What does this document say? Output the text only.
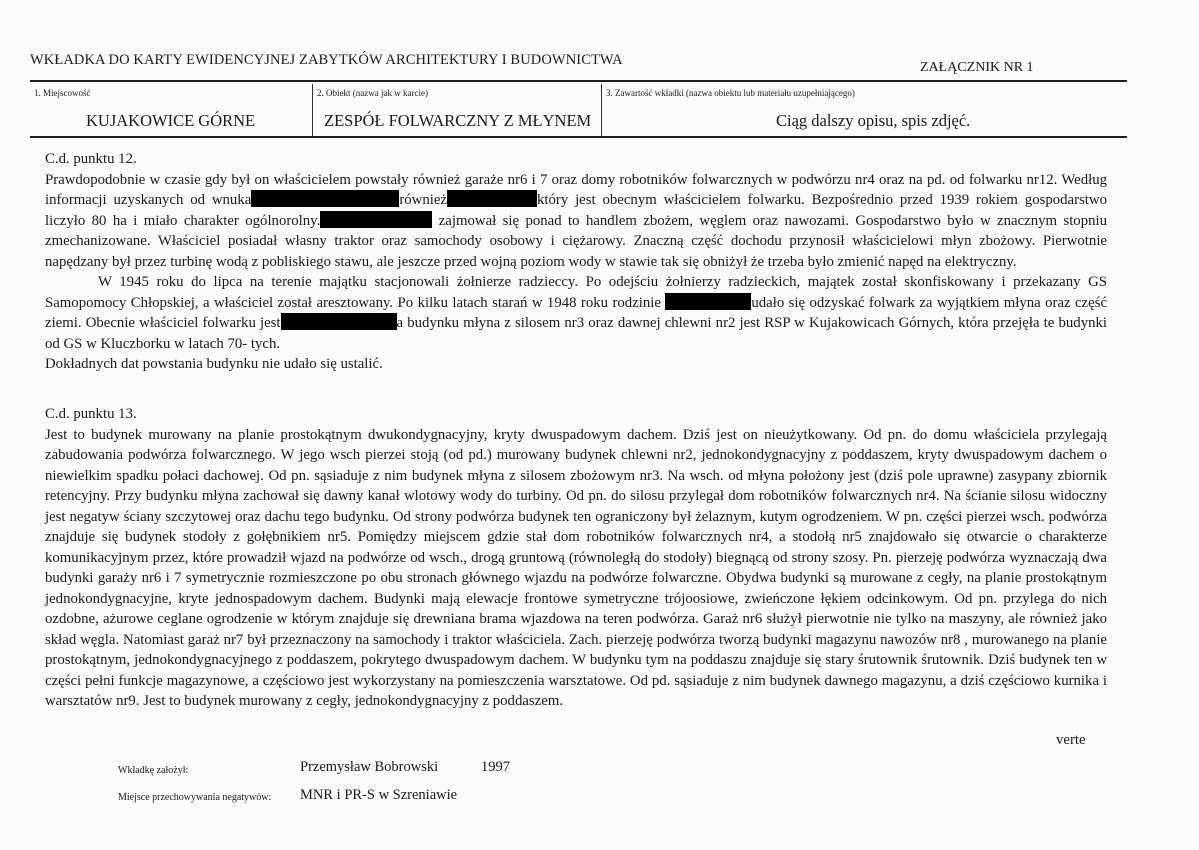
WKŁADKA DO KARTY EWIDENCYJNEJ ZABYTKÓW ARCHITEKTURY I BUDOWNICTWA	ZAŁĄCZNIK NR 1
1. Miejscowość
KUJAKOWICE GÓRNE
2. Obiekt (nazwa jak w karcie)
ZESPÓŁ FOLWARCZNY Z MŁYNEM
3. Zawartość wkładki (nazwa obiektu lub materiału uzupełniającego)
Ciąg dalszy opisu, spis zdjęć.

C.d. punktu 12.

Prawdopodobnie w czasie gdy był on właścicielem powstały również garaże nr6 i 7 oraz domy robotników folwarcznych w podwórzu nr4 oraz na pd. od folwarku nr12. Według informacji uzyskanych od wnuka	również	który jest obecnym właścicielem folwarku. Bezpośrednio przed 1939 rokiem gospodarstwo liczyło 80 ha i miało charakter ogólnorolny.	zajmował się ponad to handlem zbożem, węglem oraz nawozami. Gospodarstwo było w znacznym stopniu zmechanizowane. Właściciel posiadał własny traktor oraz samochody osobowy i ciężarowy. Znaczną część dochodu przynosił właścicielowi młyn zbożowy. Pierwotnie napędzany był przez turbinę wodą z pobliskiego stawu, ale jeszcze przed wojną poziom wody w stawie tak się obniżył że trzeba było zmienić napęd na elektryczny.

W 1945 roku do lipca na terenie majątku stacjonowali żołnierze radzieccy. Po odejściu żołnierzy radzieckich, majątek został skonfiskowany i przekazany GS Samopomocy Chłopskiej, a właściciel został aresztowany. Po kilku latach starań w 1948 roku rodzinie	udało się odzyskać folwark za wyjątkiem młyna oraz część ziemi. Obecnie właściciel folwarku jest	a budynku młyna z silosem nr3 oraz dawnej chlewni nr2 jest RSP w Kujakowicach Górnych, która przejęła te budynki od GS w Kluczborku w latach 70- tych.

Dokładnych dat powstania budynku nie udało się ustalić.

C.d. punktu 13.

Jest to budynek murowany na planie prostokątnym dwukondygnacyjny, kryty dwuspadowym dachem. Dziś jest on nieużytkowany. Od pn. do domu właściciela przylegają zabudowania podwórza folwarcznego. W jego wsch pierzei stoją (od pd.) murowany budynek chlewni nr2, jednokondygnacyjny z poddaszem, kryty dwuspadowym dachem o niewielkim spadku połaci dachowej. Od pn. sąsiaduje z nim budynek młyna z silosem zbożowym nr3. Na wsch. od młyna położony jest (dziś pole uprawne) zasypany zbiornik retencyjny. Przy budynku młyna zachował się dawny kanał wlotowy wody do turbiny. Od pn. do silosu przylegał dom robotników folwarcznych nr4. Na ścianie silosu widoczny jest negatyw ściany szczytowej oraz dachu tego budynku. Od strony podwórza budynek ten ograniczony był żelaznym, kutym ogrodzeniem. W pn. części pierzei wsch. podwórza znajduje się budynek stodoły z gołębnikiem nr5. Pomiędzy miejscem gdzie stał dom robotników folwarcznych nr4, a stodołą nr5 znajdowało się otwarcie o charakterze komunikacyjnym przez, które prowadził wjazd na podwórze od wsch., drogą gruntową (równoległą do stodoły) biegnącą od strony szosy. Pn. pierzeję podwórza wyznaczają dwa budynki garaży nr6 i 7 symetrycznie rozmieszczone po obu stronach głównego wjazdu na podwórze folwarczne. Obydwa budynki są murowane z cegły, na planie prostokątnym jednokondygnacyjne, kryte jednospadowym dachem. Budynki mają elewacje frontowe symetryczne trójoosiowe, zwieńczone łękiem odcinkowym. Od pn. przylega do nich ozdobne, ażurowe ceglane ogrodzenie w którym znajduje się drewniana brama wjazdowa na teren podwórza. Garaż nr6 służył pierwotnie nie tylko na maszyny, ale również jako skład węgla. Natomiast garaż nr7 był przeznaczony na samochody i traktor właściciela. Zach. pierzeję podwórza tworzą budynki magazynu nawozów nr8 , murowanego na planie prostokątnym, jednokondygnacyjnego z poddaszem, pokrytego dwuspadowym dachem. W budynku tym na poddaszu znajduje się stary śrutownik śrutownik. Dziś budynek ten w części pełni funkcje magazynowe, a częściowo jest wykorzystany na pomieszczenia warsztatowe. Od pd. sąsiaduje z nim budynek dawnego magazynu, a dziś częściowo kurnika i warsztatów nr9. Jest to budynek murowany z cegły, jednokondygnacyjny z poddaszem.

verte
Wkładkę założył:	Przemysław Bobrowski	1997
Miejsce przechowywania negatywów: MNR i PR-S w Szreniawie
